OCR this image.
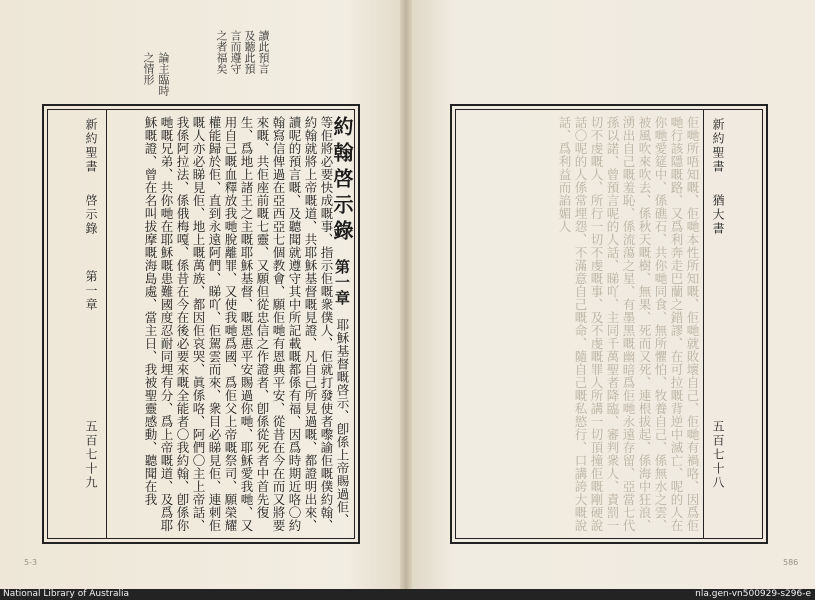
論主臨時
之情形	讀此預言
及聽此預
言而遵守
之者福矣
新約聖書
啓示錄
第一章
五百七十九
約翰啓示錄　第一章　耶穌基督嘅啓示、卽係上帝賜過佢、等佢將必要快成嘅事、指示佢嘅衆僕人、佢就打發使者嚟諭佢嘅僕約翰、約翰就將上帝嘅道、共耶穌基督嘅見證、凡自己所見過嘅、都證明出來、讀呢的預言嘅、及聽聞就遵守其中所記載嘅都係有福、因爲時期近咯〇約翰寫信俾過在亞西亞七個教會、願佢哋有恩典平安、從昔在今在而又將要來嘅、共佢座前嘅七靈、又願但從忠信之作證者、卽係從死者中首先復生、爲地上諸王之主嘅耶穌基督、嘅恩惠平安賜過你哋、耶穌愛我哋、又用自己嘅血釋放我哋脫離罪、又使我哋爲國、爲佢父上帝嘅祭司、願榮耀權能歸於佢、直到永遠阿們、睇吖、佢駕雲而來、衆目必睇見佢、連刺佢嘅人亦必睇見佢、地上嘅萬族、都因佢哀哭、眞係咯、阿們〇主上帝話、我係阿拉法、係俄梅嘎、係昔在今在後必要來嘅全能者〇我約翰、卽係你哋嘅兄弟、共你哋在耶穌嘅患難國度忍耐同埋有分、爲上帝嘅道、及爲耶穌嘅證、曾在名叫拔摩嘅海島處、當主日、我被聖靈感動、聽聞在我	新約聖書
猶大書
五百七十八
佢哋所唔知嘅、佢哋本性所知嘅、佢哋就敗壞自己、佢哋有禍咯、因爲佢哋行該隱嘅路、又爲利奔走巴蘭之錯謬、在可拉嘅背逆中滅亡、呢的人在你哋愛筵中、係礁石、共你哋同食、無所懼怕、牧養自己、係無水之雲、被風吹來吹去、係秋天嘅樹、無果、死而又死、連根拔起、係海中狂浪、湧出自己嘅羞恥、係流蕩之星、有墨黑嘅幽暗爲佢哋永遠存留、亞當七代孫以諾、曾預言呢的人話、睇吖、主同千萬聖者降臨、審判衆人、責罰一切不虔嘅人、所行一切不虔嘅事、及不虔嘅罪人所講一切頂撞佢嘅剛硬說話〇呢的人係常埋怨、不滿意自己嘅命、隨自己嘅私慾行、口講誇大嘅說話、爲利益而諂媚人
5-3	586
National Library of Australia	nla.gen-vn500929-s296-e
